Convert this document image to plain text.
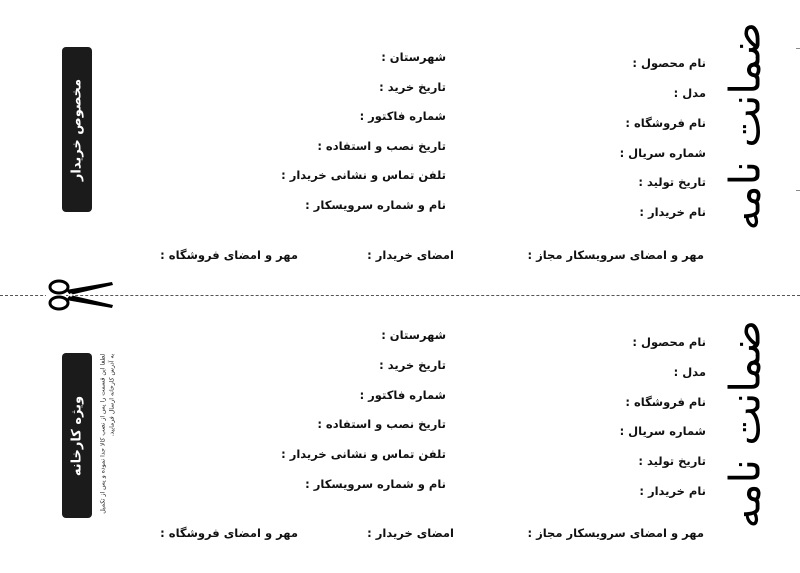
ضمانت نامه
نام محصول :
مدل :
نام فروشگاه :
شماره سریال :
تاریخ تولید :
نام خریدار :
شهرستان :
تاریخ خرید :
شماره فاکتور :
تاریخ نصب و استفاده :
تلفن تماس و نشانی خریدار :
نام و شماره سرویسکار :
مهر و امضای سرویسکار مجاز :
امضای خریدار :
مهر و امضای فروشگاه :
مخصوص خریدار
ضمانت نامه
نام محصول :
مدل :
نام فروشگاه :
شماره سریال :
تاریخ تولید :
نام خریدار :
شهرستان :
تاریخ خرید :
شماره فاکتور :
تاریخ نصب و استفاده :
تلفن تماس و نشانی خریدار :
نام و شماره سرویسکار :
مهر و امضای سرویسکار مجاز :
امضای خریدار :
مهر و امضای فروشگاه :
ویژه کارخانه لطفا این قسمت را پس از نصب کالا جدا نموده و پس از تکمیل به آدرس کارخانه ارسال فرمایید.
